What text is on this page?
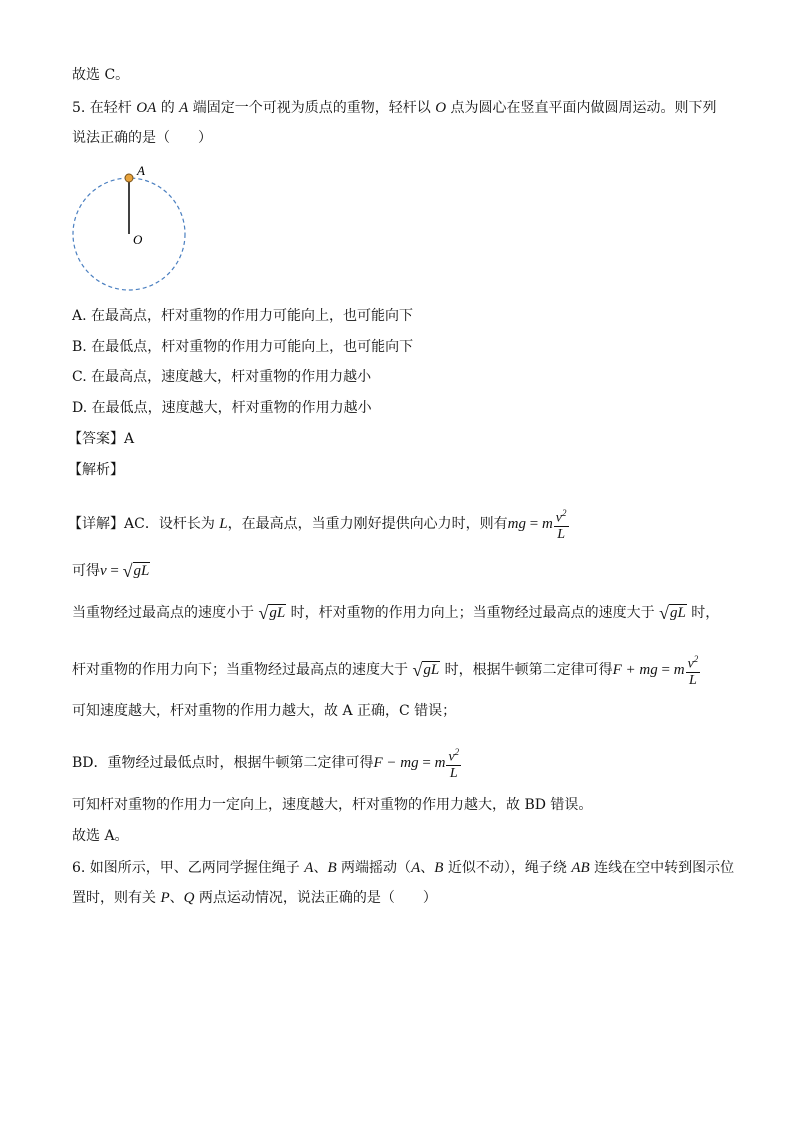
故选 C。
5. 在轻杆 OA 的 A 端固定一个可视为质点的重物，轻杆以 O 点为圆心在竖直平面内做圆周运动。则下列
说法正确的是（　　）
A
O
A. 在最高点，杆对重物的作用力可能向上，也可能向下
B. 在最低点，杆对重物的作用力可能向上，也可能向下
C. 在最高点，速度越大，杆对重物的作用力越小
D. 在最低点，速度越大，杆对重物的作用力越小
【答案】A
【解析】
【详解】AC．设杆长为 L，在最高点，当重力刚好提供向心力时，则有mg = m $\frac{v^2}{L}$
可得v = √gL
当重物经过最高点的速度小于 √gL 时，杆对重物的作用力向上；当重物经过最高点的速度大于 √gL 时，
杆对重物的作用力向下；当重物经过最高点的速度大于 √gL 时，根据牛顿第二定律可得F + mg = m $\frac{v^2}{L}$
可知速度越大，杆对重物的作用力越大，故 A 正确，C 错误；
BD．重物经过最低点时，根据牛顿第二定律可得F − mg = m $\frac{v^2}{L}$
可知杆对重物的作用力一定向上，速度越大，杆对重物的作用力越大，故 BD 错误。
故选 A。
6. 如图所示，甲、乙两同学握住绳子 A、B 两端摇动（A、B 近似不动），绳子绕 AB 连线在空中转到图示位
置时，则有关 P、Q 两点运动情况，说法正确的是（　　）
